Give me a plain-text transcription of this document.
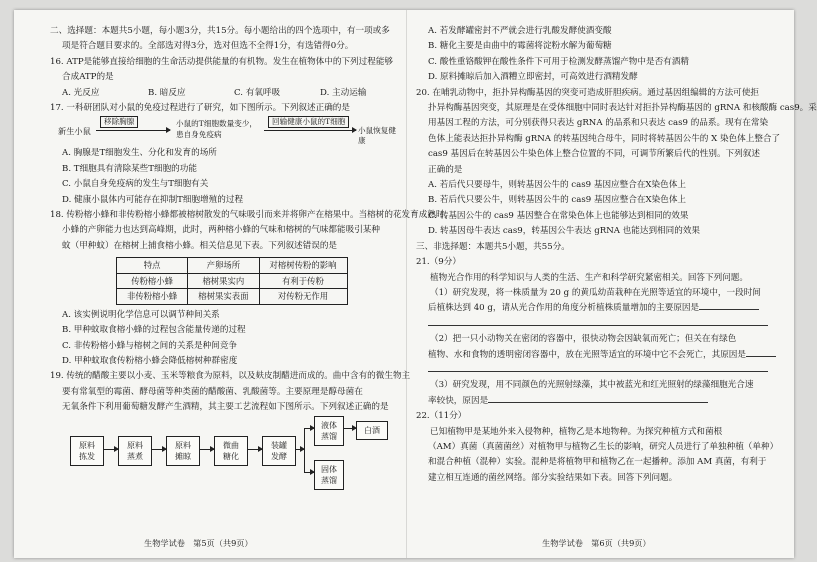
二、选择题：本题共5小题，每小题3分，共15分。每小题给出的四个选项中，有一项或多

项是符合题目要求的。全部选对得3分，选对但选不全得1分，有选错得0分。

16. ATP是能够直接给细胞的生命活动提供能量的有机物。发生在植物体中的下列过程能够

合成ATP的是

A. 光反应	B. 暗反应	C. 有氧呼吸	D. 主动运输

17. 一科研团队对小鼠的免疫过程进行了研究，如下图所示。下列叙述正确的是

新生小鼠
移除胸腺	小鼠的T细胞数量变少，
患自身免疫病
回输健康小鼠的T细胞
小鼠恢复健康

A. 胸腺是T细胞发生、分化和发育的场所

B. T细胞具有清除某些T细胞的功能

C. 小鼠自身免疫病的发生与T细胞有关

D. 健康小鼠体内可能存在抑制T细胞增殖的过程

18. 传粉榕小蜂和非传粉榕小蜂都被榕树散发的气味吸引而来并将卵产在榕果中。当榕树的花发育成熟时，

小蜂的产卵能力也达到高峰期，此时，两种榕小蜂的气味和榕树的气味都能吸引某种

蚊（甲种蚊）在榕树上捕食榕小蜂。相关信息见下表。下列叙述错误的是

特点	产卵场所	对榕树传粉的影响
传粉榕小蜂	榕树果实内	有利于传粉
非传粉榕小蜂	榕树果实表面	对传粉无作用

A. 该实例说明化学信息可以调节种间关系

B. 甲种蚊取食榕小蜂的过程包含能量传递的过程

C. 非传粉榕小蜂与榕树之间的关系是种间竞争

D. 甲种蚊取食传粉榕小蜂会降低榕树种群密度

19. 传统的醋酸主要以小麦、玉米等粮食为原料，以及麸皮制醋进而成的。曲中含有的微生物主

要有常氧型的霉菌、酵母菌等种类菌的醋酸菌、乳酸菌等。主要原理是醇母菌在

无氧条件下利用葡萄糖发酵产生酒精，其主要工艺流程如下图所示。下列叙述正确的是

原料
拣发
原料
蒸煮
原料
摊晾
微曲
糖化
装罐
发酵
液体
蒸馏
白酒
固体
蒸馏
生物学试卷　第5页（共9页）

A. 若发酵罐密封不严就会进行乳酸发酵使酒变酸

B. 糖化主要是由曲中的霉菌将淀粉水解为葡萄糖

C. 酸性重铬酸钾在酸性条件下可用于检测发酵蒸馏产物中是否有酒精

D. 原料摊晾后加入酒糟立即密封，可高效进行酒精发酵

20. 在哺乳动物中，拒扑异构酶基因的突变可造成肝胆疾病。通过基因组编辑的方法可使拒

扑异构酶基因突变，其原理是在受体细胞中同时表达针对拒扑异构酶基因的 gRNA 和核酸酶 cas9。采

用基因工程的方法，可分别获得只表达 gRNA 的品系和只表达 cas9 的品系。现有在常染

色体上能表达拒扑异构酶 gRNA 的转基因纯合母牛，同时将转基因公牛的 X 染色体上整合了

cas9 基因后在转基因公牛染色体上整合位置的不同，可调节所繁后代的性别。下列叙述

正确的是

A. 若后代只要母牛，则转基因公牛的 cas9 基因应整合在X染色体上

B. 若后代只要公牛，则转基因公牛的 cas9 基因应整合在X染色体上

C. 转基因公牛的 cas9 基因整合在常染色体上也能够达到相同的效果

D. 转基因母牛表达 cas9，转基因公牛表达 gRNA 也能达到相同的效果

三、非选择题：本题共5小题，共55分。

21.（9分）

植物光合作用的科学知识与人类的生活、生产和科学研究紧密相关。回答下列问题。

（1）研究发现，将一株质量为 20 g 的黄瓜幼苗栽种在光照等适宜的环境中，一段时间

后植株达到 40 g，请从光合作用的角度分析植株质量增加的主要原因是

（2）把一只小动物关在密闭的容器中，很快动物会因缺氧而死亡；但关在有绿色

植物、水和食物的透明密闭容器中，放在光照等适宜的环境中它不会死亡，其原因是

（3）研究发现，用不同颜色的光照射绿藻，其中被蓝光和红光照射的绿藻细胞光合速

率较快，原因是

22.（11分）

已知植物甲是某地外来入侵物种，植物乙是本地物种。为探究种植方式和菌根

（AM）真菌（真菌菌丝）对植物甲与植物乙生长的影响，研究人员进行了单独种植（单种）

和混合种植（混种）实验。混种是将植物甲和植物乙在一起播种。添加 AM 真菌，有利于

建立相互连通的菌丝网络。部分实验结果如下表。回答下列问题。

生物学试卷　第6页（共9页）
